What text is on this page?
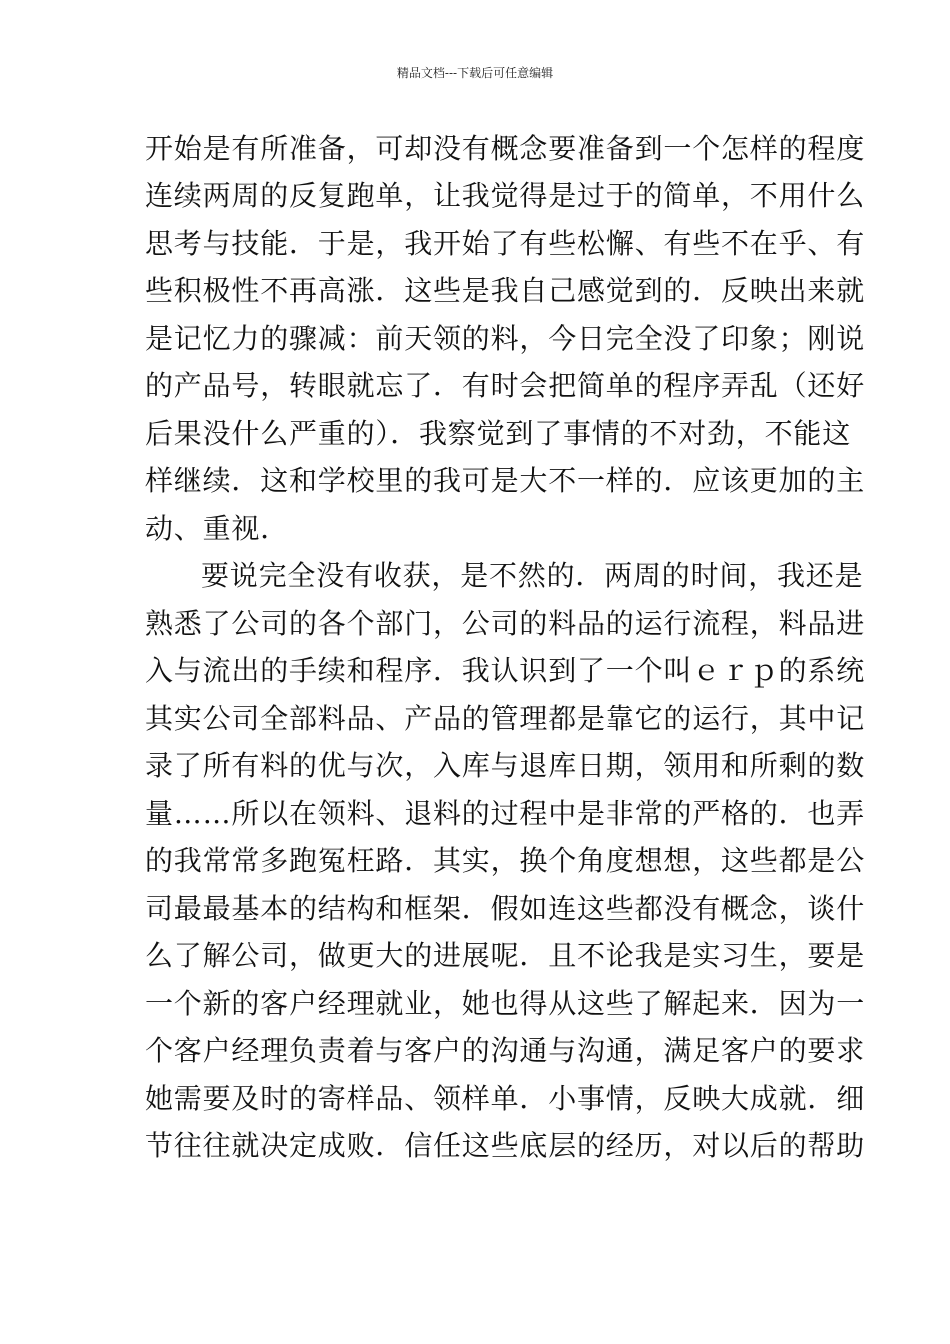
精品文档---下载后可任意编辑
开始是有所准备，可却没有概念要准备到一个怎样的程度
连续两周的反复跑单，让我觉得是过于的简单，不用什么
思考与技能．于是，我开始了有些松懈、有些不在乎、有
些积极性不再高涨．这些是我自己感觉到的．反映出来就
是记忆力的骤减：前天领的料，今日完全没了印象；刚说
的产品号，转眼就忘了．有时会把简单的程序弄乱（还好
后果没什么严重的）．我察觉到了事情的不对劲，不能这
样继续．这和学校里的我可是大不一样的．应该更加的主
动、重视．
要说完全没有收获，是不然的．两周的时间，我还是
熟悉了公司的各个部门，公司的料品的运行流程，料品进
入与流出的手续和程序．我认识到了一个叫ｅｒｐ的系统
其实公司全部料品、产品的管理都是靠它的运行，其中记
录了所有料的优与次，入库与退库日期，领用和所剩的数
量……所以在领料、退料的过程中是非常的严格的．也弄
的我常常多跑冤枉路．其实，换个角度想想，这些都是公
司最最基本的结构和框架．假如连这些都没有概念，谈什
么了解公司，做更大的进展呢．且不论我是实习生，要是
一个新的客户经理就业，她也得从这些了解起来．因为一
个客户经理负责着与客户的沟通与沟通，满足客户的要求
她需要及时的寄样品、领样单．小事情，反映大成就．细
节往往就决定成败．信任这些底层的经历，对以后的帮助
